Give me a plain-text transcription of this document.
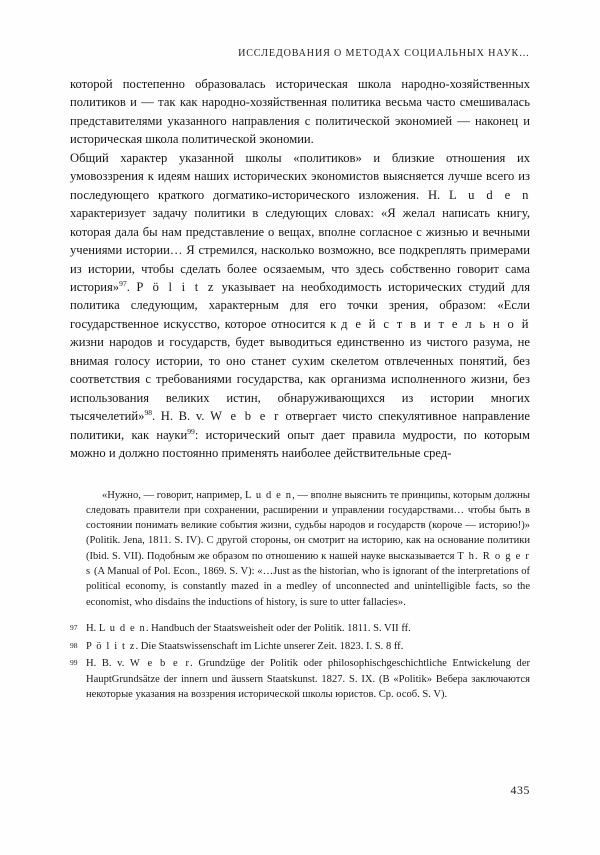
ИССЛЕДОВАНИЯ О МЕТОДАХ СОЦИАЛЬНЫХ НАУК…

которой постепенно образовалась историческая школа народно-хозяйственных политиков и — так как народно-хозяйственная политика весьма часто смешивалась представителями указанного направления с политической экономией — наконец и историческая школа политической экономии.

Общий характер указанной школы «политиков» и близкие отношения их умовоззрения к идеям наших исторических экономистов выясняется лучше всего из последующего краткого догматико-исторического изложения. H. L u d e n характеризует задачу политики в следующих словах: «Я желал написать книгу, которая дала бы нам представление о вещах, вполне согласное с жизнью и вечными учениями истории… Я стремился, насколько возможно, все подкреплять примерами из истории, чтобы сделать более осязаемым, что здесь собственно говорит сама история»$^{97}$. P ö l i t z указывает на необходимость исторических студий для политика следующим, характерным для его точки зрения, образом: «Если государственное искусство, которое относится к д е й с т в и т е л ь н о й жизни народов и государств, будет выводиться единственно из чистого разума, не внимая голосу истории, то оно станет сухим скелетом отвлеченных понятий, без соответствия с требованиями государства, как организма исполненного жизни, без использования великих истин, обнаруживающихся из истории многих тысячелетий»$^{98}$. H. B. v. W e b e r отвергает чисто спекулятивное направление политики, как науки$^{99}$: исторический опыт дает правила мудрости, по которым можно и должно постоянно применять наиболее действительные сред-

«Нужно, — говорит, например, L u d e n, — вполне выяснить те принципы, которым должны следовать правители при сохранении, расширении и управлении государствами… чтобы быть в состоянии понимать великие события жизни, судьбы народов и государств (короче — историю!)» (Politik. Jena, 1811. S. IV). С другой стороны, он смотрит на историю, как на основание политики (Ibid. S. VII). Подобным же образом по отношению к нашей науке высказывается T h. R o g e r s (A Manual of Pol. Econ., 1869. S. V): «…Just as the historian, who is ignorant of the interpretations of political economy, is constantly mazed in a medley of unconnected and unintelligible facts, so the economist, who disdains the inductions of history, is sure to utter fallacies».

97 H. L u d e n. Handbuch der Staatsweisheit oder der Politik. 1811. S. VII ff.

98 P ö l i t z. Die Staatswissenschaft im Lichte unserer Zeit. 1823. I. S. 8 ff.

99 H. B. v. W e b e r. Grundzüge der Politik oder philosophischgeschichtliche Entwickelung der HauptGrundsätze der innern und äussern Staatskunst. 1827. S. IX. (В «Politik» Вебера заключаются некоторые указания на воззрения исторической школы юристов. Ср. особ. S. V).

435
